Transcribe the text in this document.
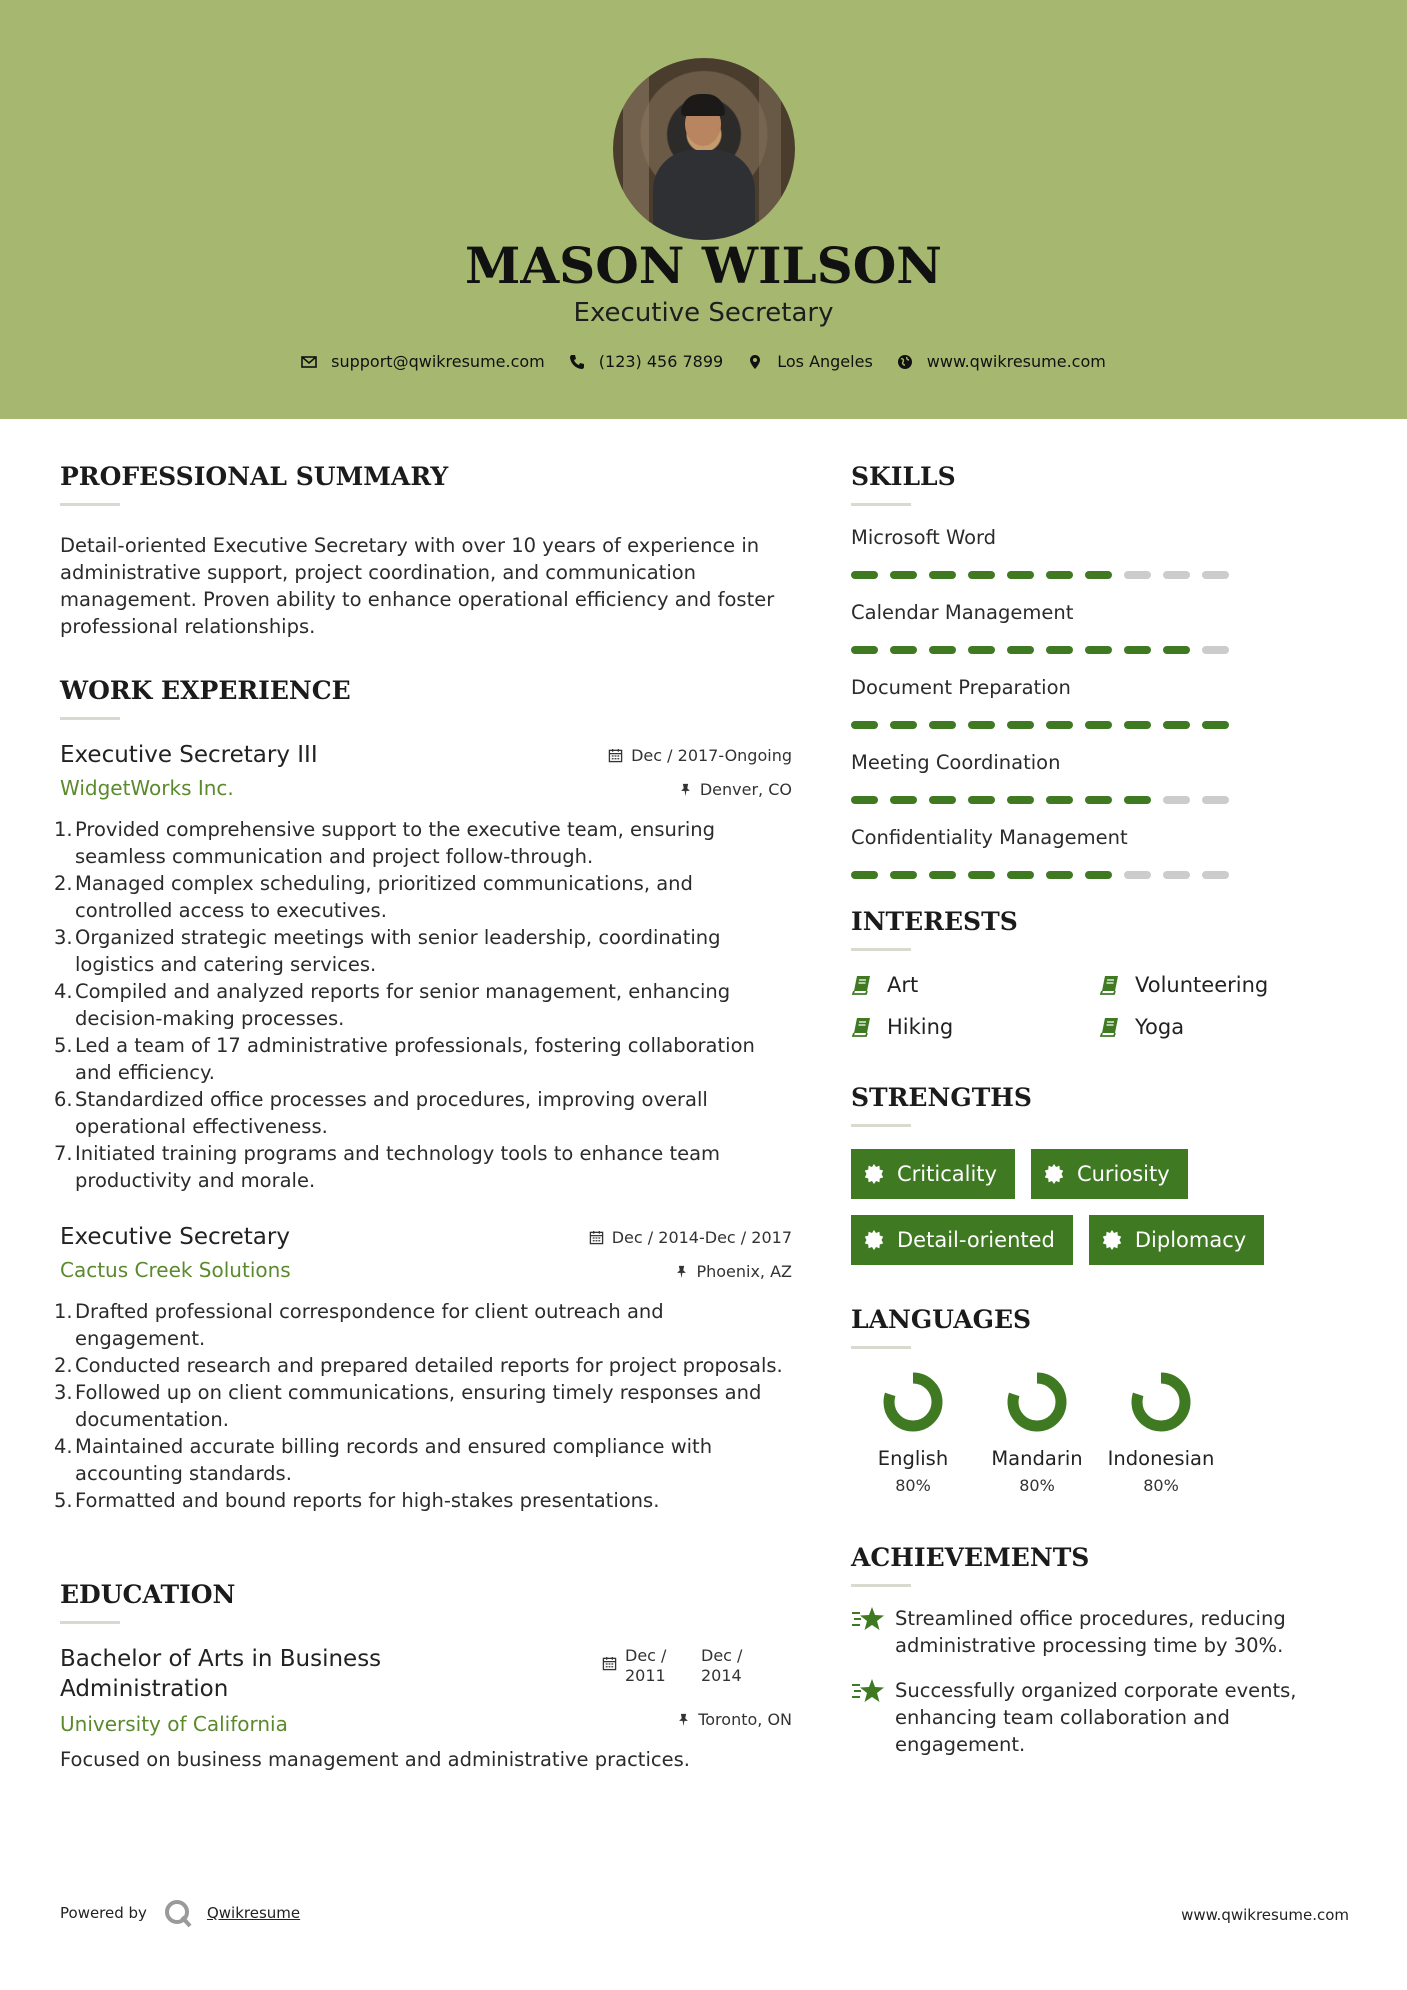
MASON WILSON
Executive Secretary
support@qwikresume.com	(123) 456 7899	Los Angeles	www.qwikresume.com
PROFESSIONAL SUMMARY
Detail-oriented Executive Secretary with over 10 years of experience in administrative support, project coordination, and communication management. Proven ability to enhance operational efficiency and foster professional relationships.
WORK EXPERIENCE
Dec / 2017-Ongoing
Denver, CO
Executive Secretary III
WidgetWorks Inc.
1. Provided comprehensive support to the executive team, ensuring seamless communication and project follow-through.
2. Managed complex scheduling, prioritized communications, and controlled access to executives.
3. Organized strategic meetings with senior leadership, coordinating logistics and catering services.
4. Compiled and analyzed reports for senior management, enhancing decision-making processes.
5. Led a team of 17 administrative professionals, fostering collaboration and efficiency.
6. Standardized office processes and procedures, improving overall operational effectiveness.
7. Initiated training programs and technology tools to enhance team productivity and morale.
Dec / 2014-Dec / 2017
Phoenix, AZ
Executive Secretary
Cactus Creek Solutions
1. Drafted professional correspondence for client outreach and engagement.
2. Conducted research and prepared detailed reports for project proposals.
3. Followed up on client communications, ensuring timely responses and documentation.
4. Maintained accurate billing records and ensured compliance with accounting standards.
5. Formatted and bound reports for high-stakes presentations.
EDUCATION
Dec /
2011
Dec /
2014
Toronto, ON
Bachelor of Arts in Business
Administration
University of California
Focused on business management and administrative practices.
SKILLS
Microsoft Word
Calendar Management
Document Preparation
Meeting Coordination
Confidentiality Management
INTERESTS
Art	Volunteering
Hiking	Yoga
STRENGTHS
Criticality	Curiosity
Detail-oriented	Diplomacy
LANGUAGES
English
80%
Mandarin
80%
Indonesian
80%
ACHIEVEMENTS
Streamlined office procedures, reducing administrative processing time by 30%.
Successfully organized corporate events, enhancing team collaboration and engagement.
Powered by	Qwikresume	www.qwikresume.com
